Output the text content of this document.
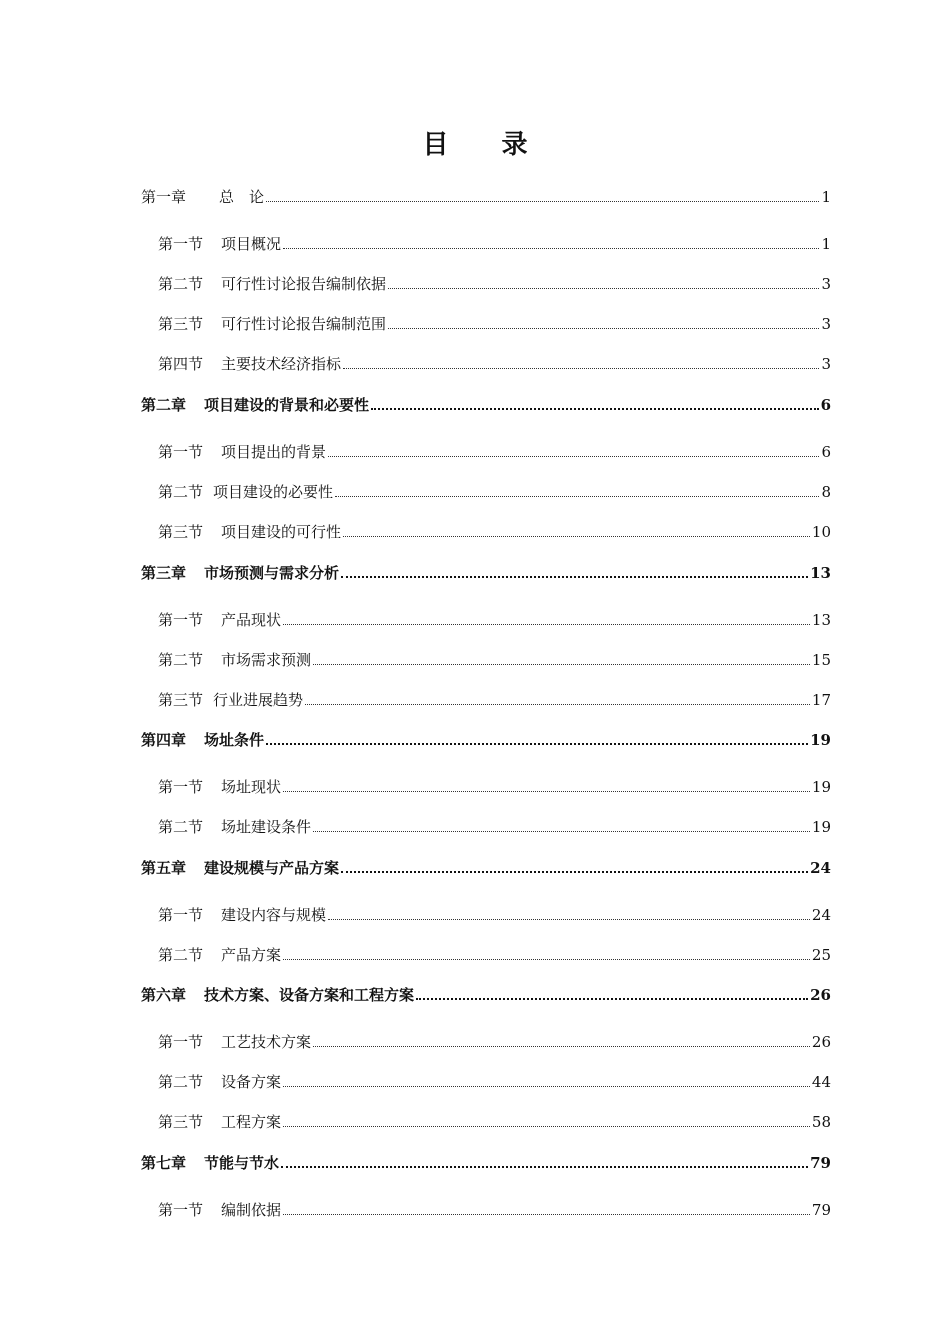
目 录
第一章 总　论	1
第一节 项目概况	1
第二节 可行性讨论报告编制依据	3
第三节 可行性讨论报告编制范围	3
第四节 主要技术经济指标	3
第二章 项目建设的背景和必要性	6
第一节 项目提出的背景	6
第二节 项目建设的必要性	8
第三节 项目建设的可行性	10
第三章 市场预测与需求分析	13
第一节 产品现状	13
第二节 市场需求预测	15
第三节 行业进展趋势	17
第四章 场址条件	19
第一节 场址现状	19
第二节 场址建设条件	19
第五章 建设规模与产品方案	24
第一节 建设内容与规模	24
第二节 产品方案	25
第六章 技术方案、设备方案和工程方案	26
第一节 工艺技术方案	26
第二节 设备方案	44
第三节 工程方案	58
第七章 节能与节水	79
第一节 编制依据	79
